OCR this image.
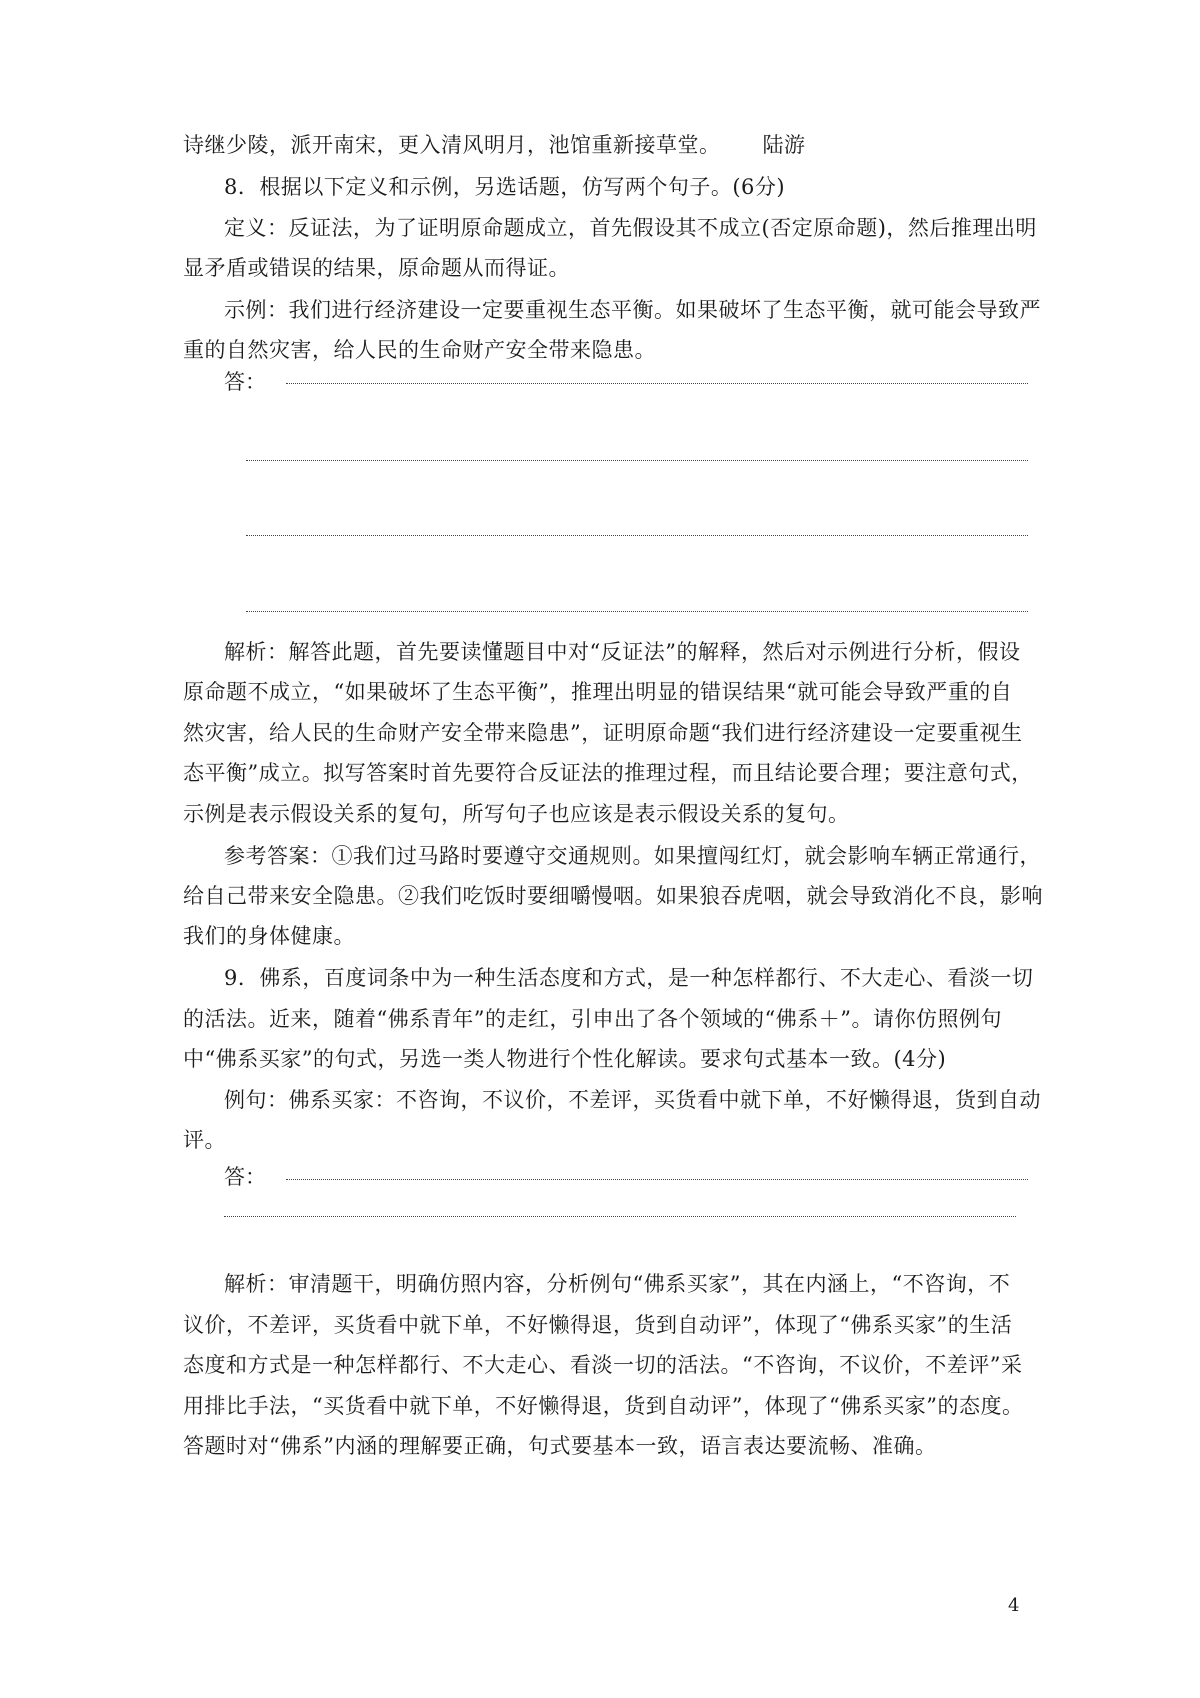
诗继少陵，派开南宋，更入清风明月，池馆重新接草堂。 陆游
8．根据以下定义和示例，另选话题，仿写两个句子。(6分)
定义：反证法，为了证明原命题成立，首先假设其不成立(否定原命题)，然后推理出明
显矛盾或错误的结果，原命题从而得证。
示例：我们进行经济建设一定要重视生态平衡。如果破坏了生态平衡，就可能会导致严
重的自然灾害，给人民的生命财产安全带来隐患。
答：
解析：解答此题，首先要读懂题目中对“反证法”的解释，然后对示例进行分析，假设
原命题不成立，“如果破坏了生态平衡”，推理出明显的错误结果“就可能会导致严重的自
然灾害，给人民的生命财产安全带来隐患”，证明原命题“我们进行经济建设一定要重视生
态平衡”成立。拟写答案时首先要符合反证法的推理过程，而且结论要合理；要注意句式，
示例是表示假设关系的复句，所写句子也应该是表示假设关系的复句。
参考答案：①我们过马路时要遵守交通规则。如果擅闯红灯，就会影响车辆正常通行，
给自己带来安全隐患。②我们吃饭时要细嚼慢咽。如果狼吞虎咽，就会导致消化不良，影响
我们的身体健康。
9．佛系，百度词条中为一种生活态度和方式，是一种怎样都行、不大走心、看淡一切
的活法。近来，随着“佛系青年”的走红，引申出了各个领域的“佛系＋”。请你仿照例句
中“佛系买家”的句式，另选一类人物进行个性化解读。要求句式基本一致。(4分)
例句：佛系买家：不咨询，不议价，不差评，买货看中就下单，不好懒得退，货到自动
评。
答：
解析：审清题干，明确仿照内容，分析例句“佛系买家”，其在内涵上，“不咨询，不
议价，不差评，买货看中就下单，不好懒得退，货到自动评”，体现了“佛系买家”的生活
态度和方式是一种怎样都行、不大走心、看淡一切的活法。“不咨询，不议价，不差评”采
用排比手法，“买货看中就下单，不好懒得退，货到自动评”，体现了“佛系买家”的态度。
答题时对“佛系”内涵的理解要正确，句式要基本一致，语言表达要流畅、准确。
4
